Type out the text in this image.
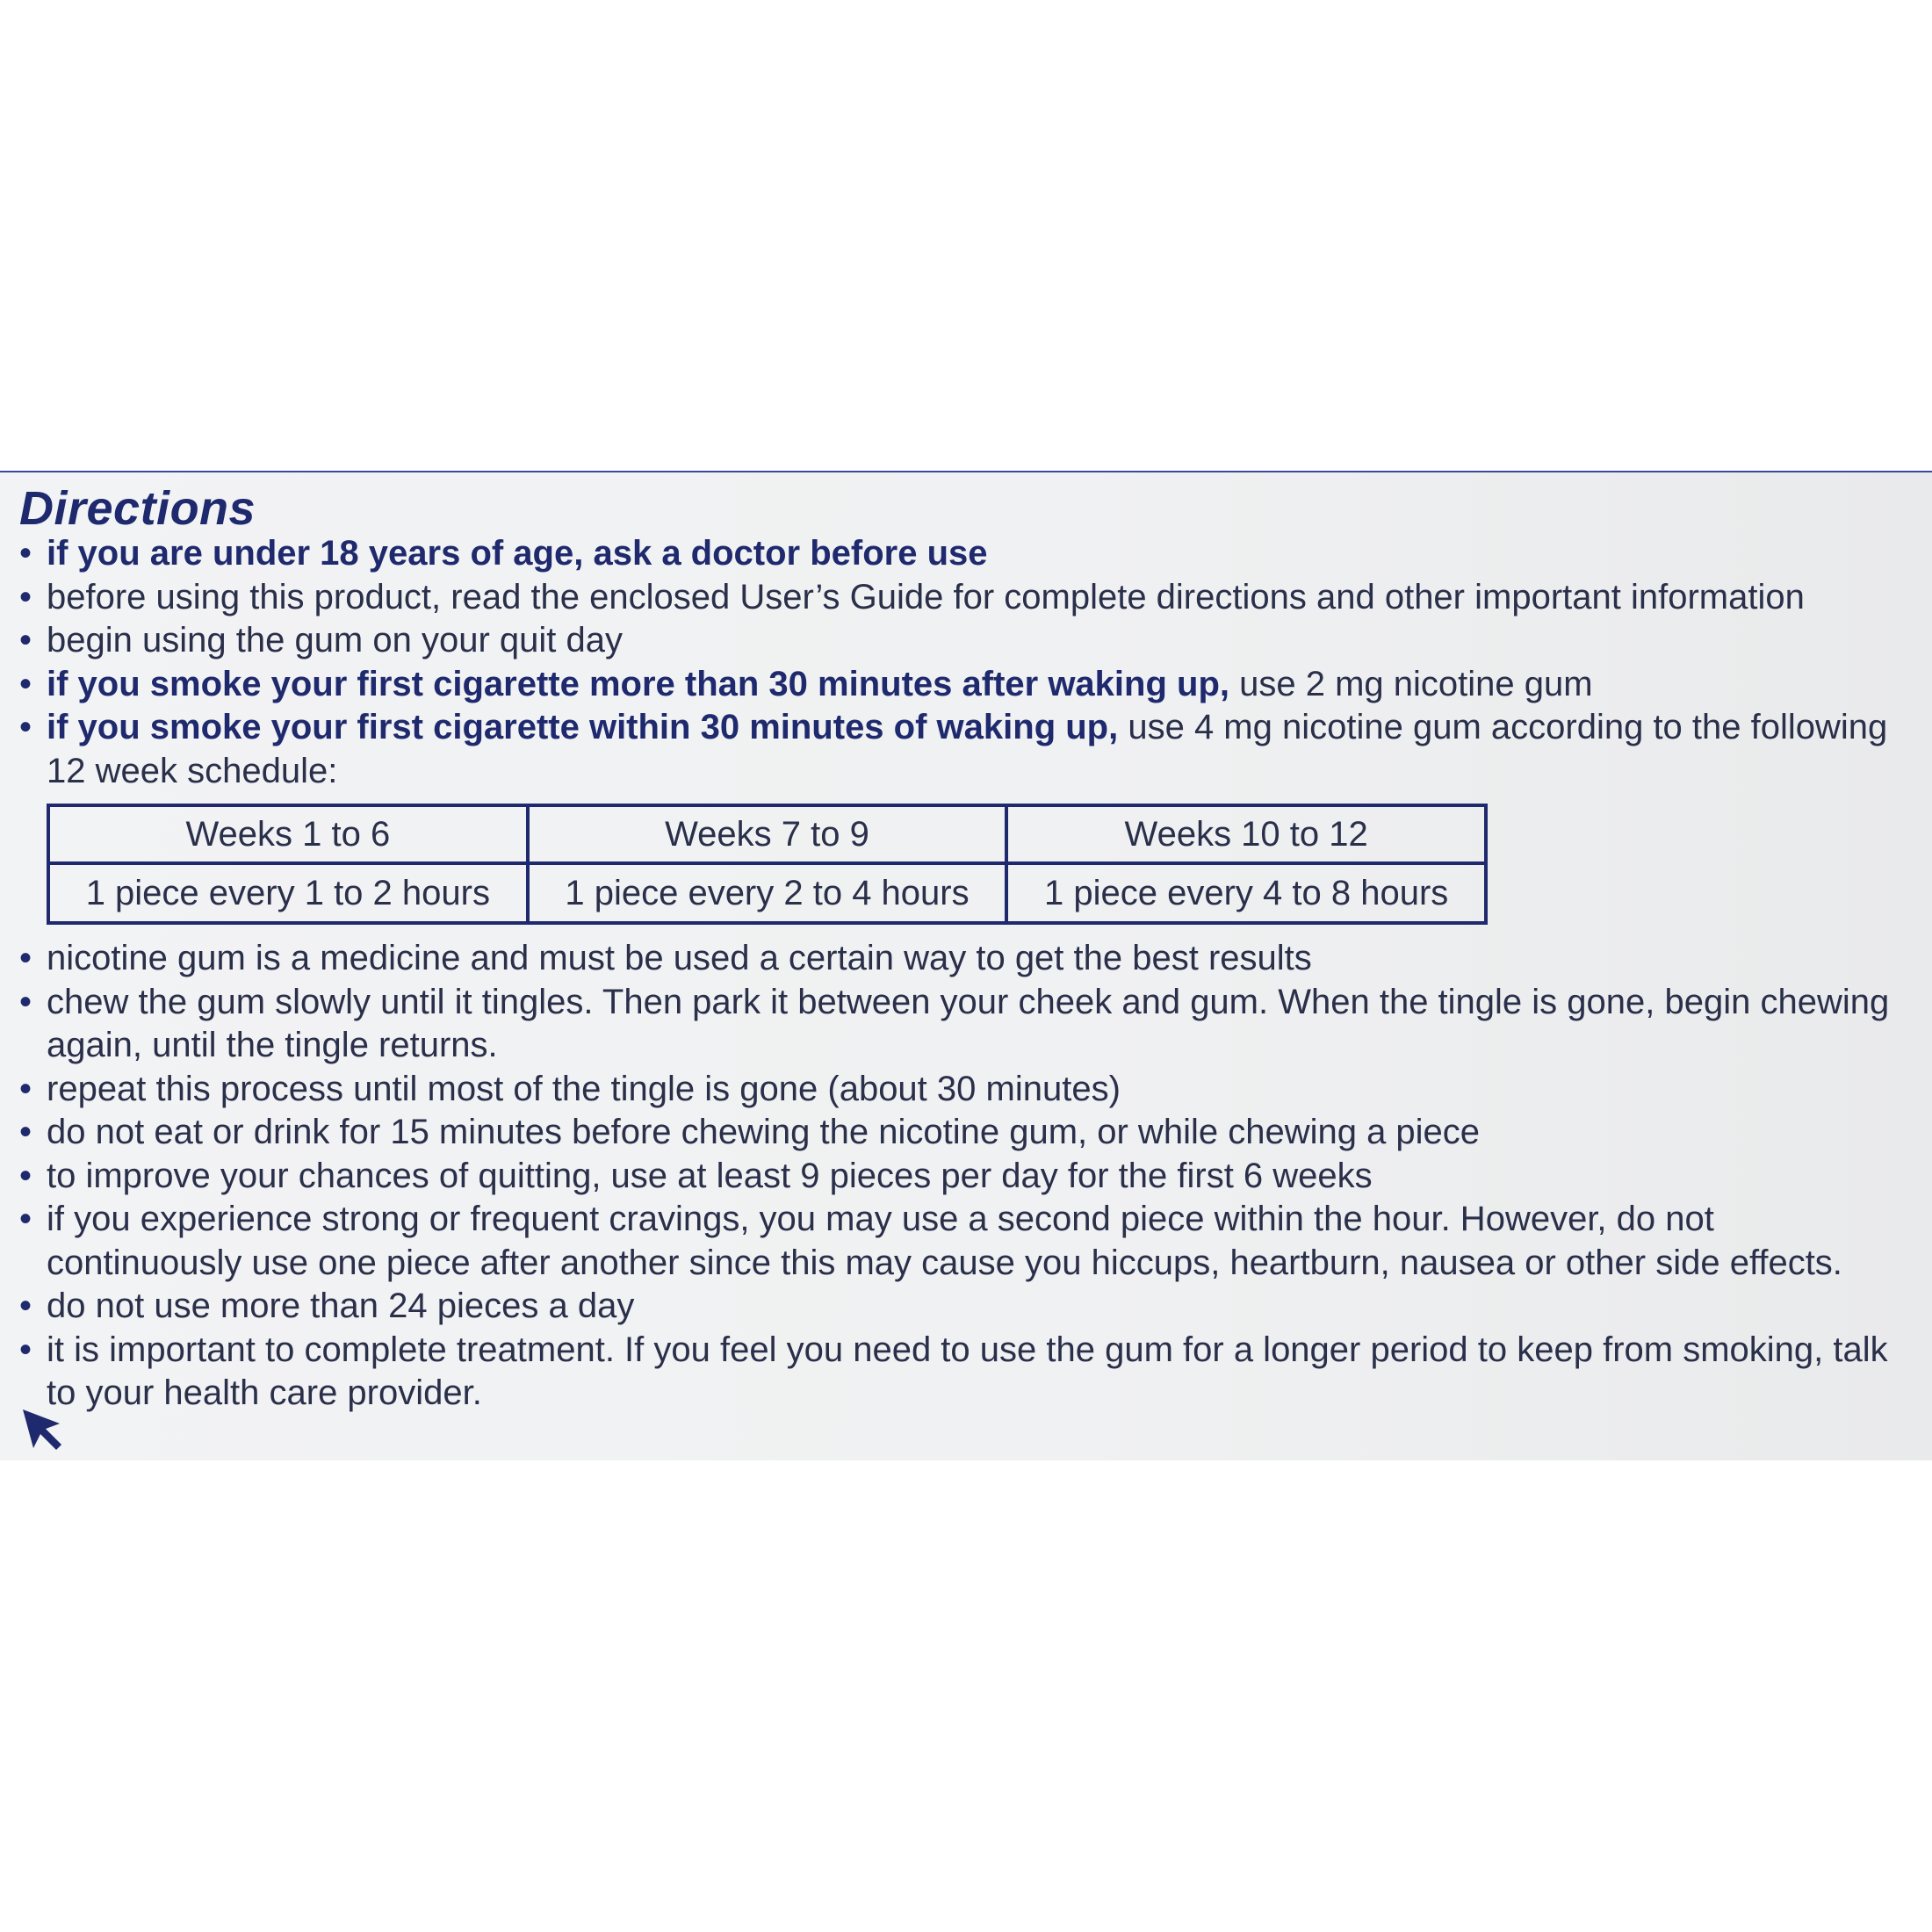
Directions
• if you are under 18 years of age, ask a doctor before use
• before using this product, read the enclosed User’s Guide for complete directions and other important information
• begin using the gum on your quit day
• if you smoke your first cigarette more than 30 minutes after waking up, use 2 mg nicotine gum
• if you smoke your first cigarette within 30 minutes of waking up, use 4 mg nicotine gum according to the following 12 week schedule:
Weeks 1 to 6	Weeks 7 to 9	Weeks 10 to 12
1 piece every 1 to 2 hours	1 piece every 2 to 4 hours	1 piece every 4 to 8 hours
• nicotine gum is a medicine and must be used a certain way to get the best results
• chew the gum slowly until it tingles. Then park it between your cheek and gum. When the tingle is gone, begin chewing again, until the tingle returns.
• repeat this process until most of the tingle is gone (about 30 minutes)
• do not eat or drink for 15 minutes before chewing the nicotine gum, or while chewing a piece
• to improve your chances of quitting, use at least 9 pieces per day for the first 6 weeks
• if you experience strong or frequent cravings, you may use a second piece within the hour. However, do not continuously use one piece after another since this may cause you hiccups, heartburn, nausea or other side effects.
• do not use more than 24 pieces a day
• it is important to complete treatment. If you feel you need to use the gum for a longer period to keep from smoking, talk to your health care provider.
